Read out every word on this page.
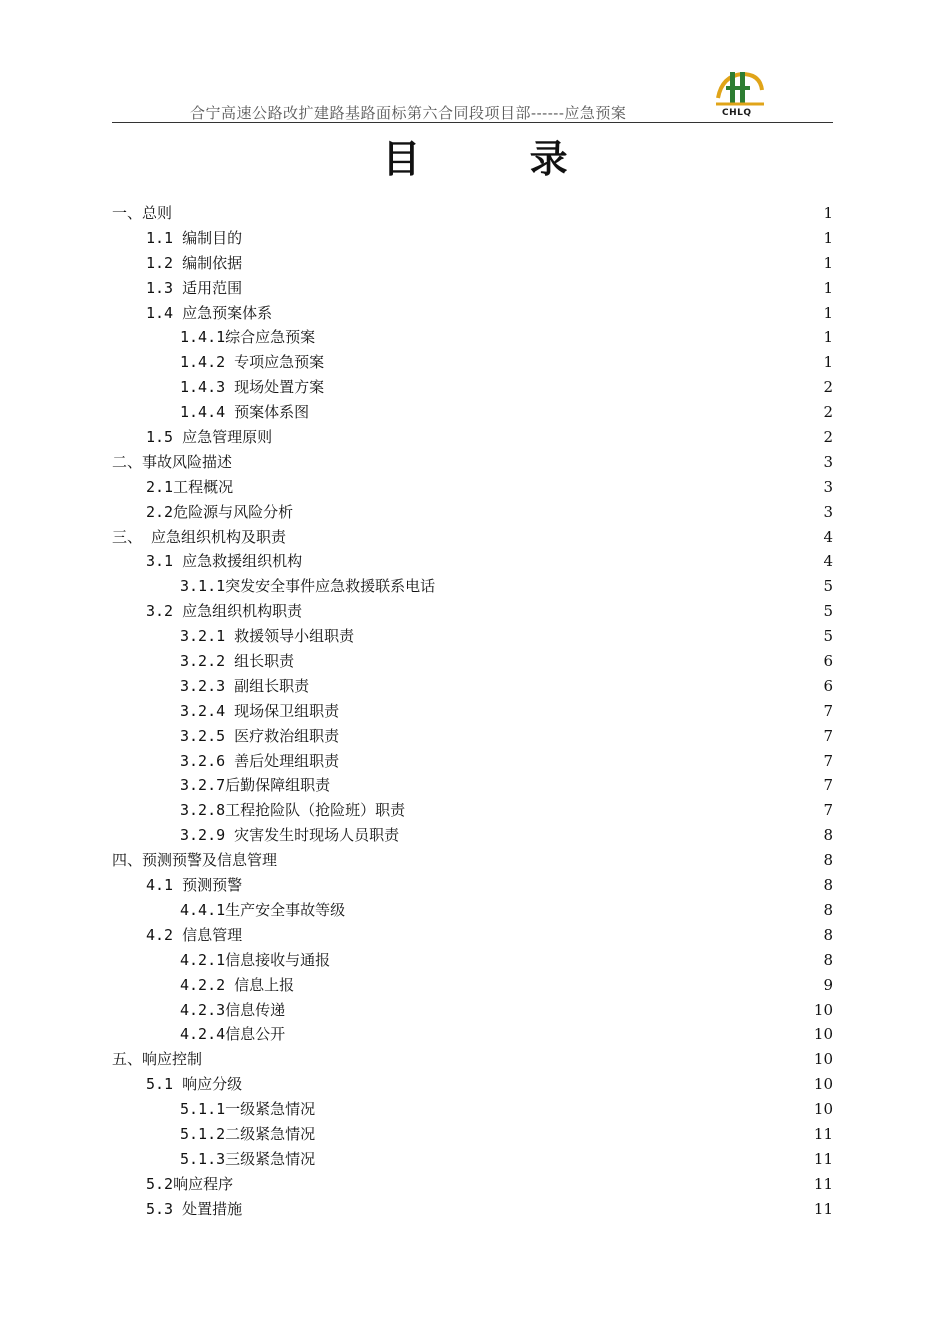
合宁高速公路改扩建路基路面标第六合同段项目部------应急预案	CHLQ
目 录
一、总则	1
1.1 编制目的	1
1.2 编制依据	1
1.3 适用范围	1
1.4 应急预案体系	1
1.4.1综合应急预案	1
1.4.2 专项应急预案	1
1.4.3 现场处置方案	2
1.4.4 预案体系图	2
1.5 应急管理原则	2
二、事故风险描述	3
2.1工程概况	3
2.2危险源与风险分析	3
三、 应急组织机构及职责	4
3.1 应急救援组织机构	4
3.1.1突发安全事件应急救援联系电话	5
3.2 应急组织机构职责	5
3.2.1 救援领导小组职责	5
3.2.2 组长职责	6
3.2.3 副组长职责	6
3.2.4 现场保卫组职责	7
3.2.5 医疗救治组职责	7
3.2.6 善后处理组职责	7
3.2.7后勤保障组职责	7
3.2.8工程抢险队（抢险班）职责	7
3.2.9 灾害发生时现场人员职责	8
四、预测预警及信息管理	8
4.1 预测预警	8
4.4.1生产安全事故等级	8
4.2 信息管理	8
4.2.1信息接收与通报	8
4.2.2 信息上报	9
4.2.3信息传递	10
4.2.4信息公开	10
五、响应控制	10
5.1 响应分级	10
5.1.1一级紧急情况	10
5.1.2二级紧急情况	11
5.1.3三级紧急情况	11
5.2响应程序	11
5.3 处置措施	11
